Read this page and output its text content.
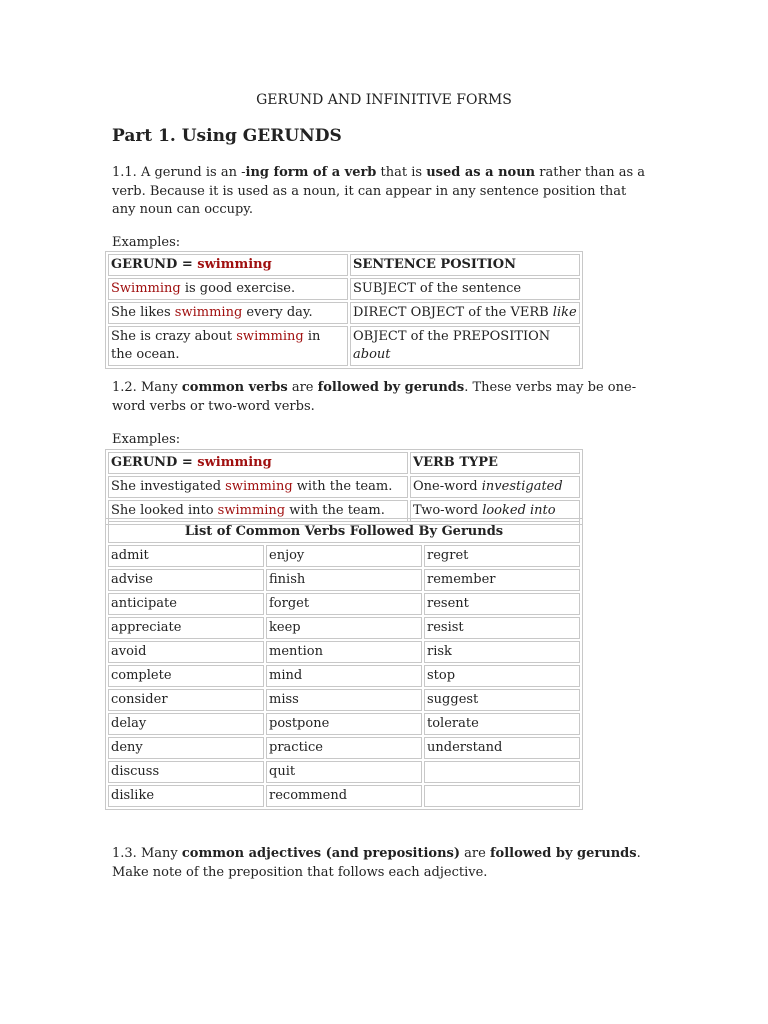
GERUND AND INFINITIVE FORMS
Part 1. Using GERUNDS
1.1. A gerund is an -ing form of a verb that is used as a noun rather than as a verb. Because it is used as a noun, it can appear in any sentence position that any noun can occupy.
Examples:
GERUND = swimming	SENTENCE POSITION
Swimming is good exercise.	SUBJECT of the sentence
She likes swimming every day.	DIRECT OBJECT of the VERB like
She is crazy about swimming in the ocean.	OBJECT of the PREPOSITION
about
1.2. Many common verbs are followed by gerunds. These verbs may be one-word verbs or two-word verbs.
Examples:
GERUND = swimming	VERB TYPE
She investigated swimming with the team.	One-word investigated
She looked into swimming with the team.	Two-word looked into
List of Common Verbs Followed By Gerunds		
admit	enjoy	regret
advise	finish	remember
anticipate	forget	resent
appreciate	keep	resist
avoid	mention	risk
complete	mind	stop
consider	miss	suggest
delay	postpone	tolerate
deny	practice	understand
discuss	quit	
dislike	recommend	
1.3. Many common adjectives (and prepositions) are followed by gerunds. Make note of the preposition that follows each adjective.
